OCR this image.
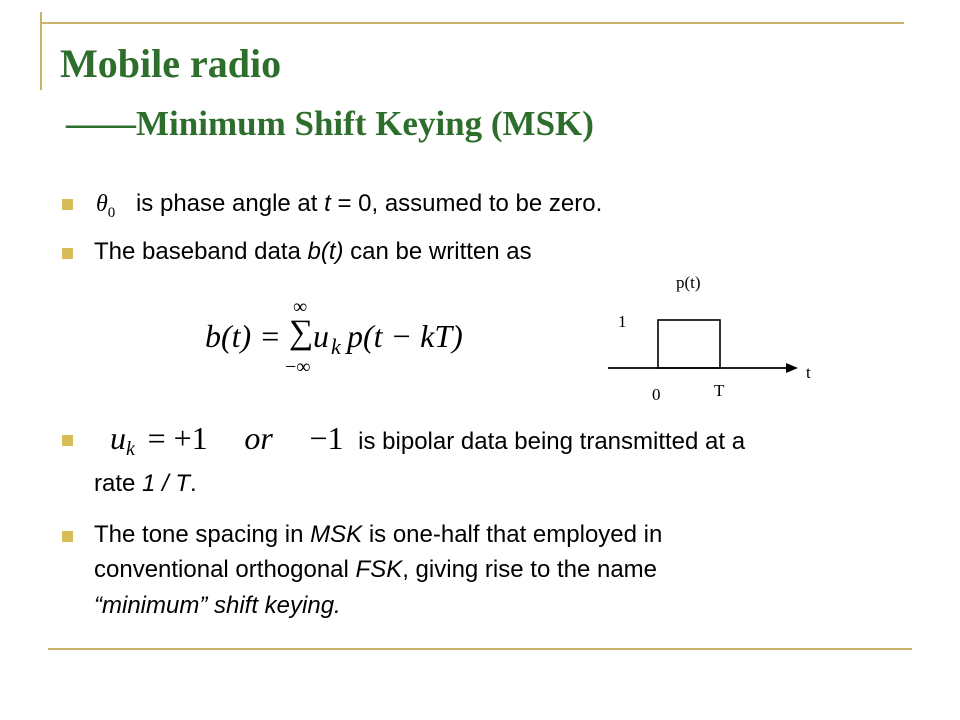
Mobile radio
——Minimum Shift Keying (MSK)
$\theta_0$ is phase angle at t = 0, assumed to be zero.
The baseband data b(t) can be written as
b(t) =
∞
∑
−∞
u k p(t − kT)
p(t)
1
0	T
t
$u_k = +1$ or −1 is bipolar data being transmitted at a
rate 1 / T.
The tone spacing in MSK is one-half that employed in
conventional orthogonal FSK, giving rise to the name
“minimum” shift keying.
